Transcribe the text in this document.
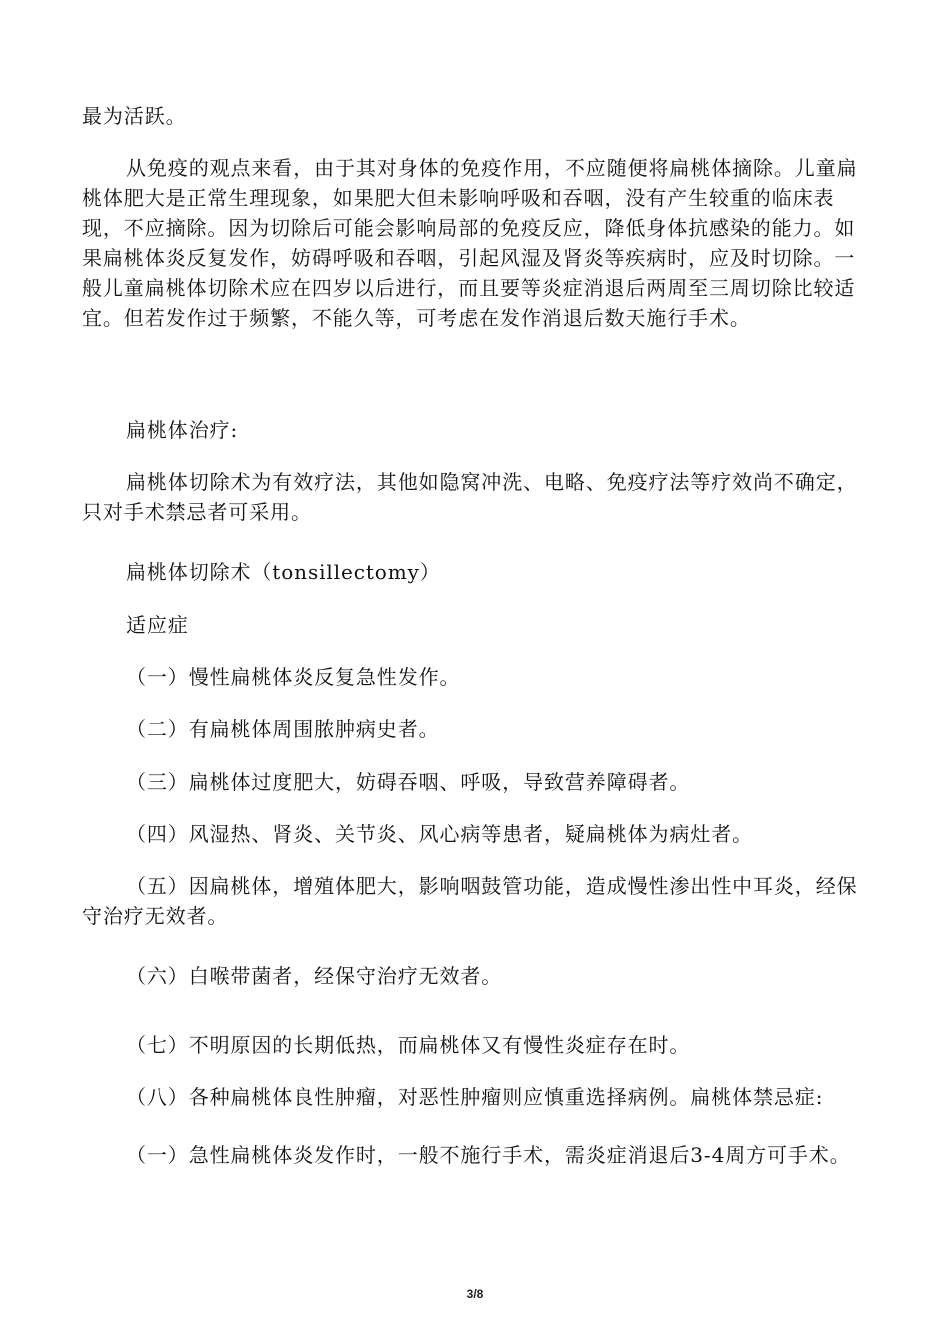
最为活跃。

从免疫的观点来看，由于其对身体的免疫作用，不应随便将扁桃体摘除。儿童扁桃体肥大是正常生理现象，如果肥大但未影响呼吸和吞咽，没有产生较重的临床表现，不应摘除。因为切除后可能会影响局部的免疫反应，降低身体抗感染的能力。如果扁桃体炎反复发作，妨碍呼吸和吞咽，引起风湿及肾炎等疾病时，应及时切除。一般儿童扁桃体切除术应在四岁以后进行，而且要等炎症消退后两周至三周切除比较适宜。但若发作过于频繁，不能久等，可考虑在发作消退后数天施行手术。

扁桃体治疗:

扁桃体切除术为有效疗法，其他如隐窝冲洗、电略、免疫疗法等疗效尚不确定，只对手术禁忌者可采用。

扁桃体切除术（tonsillectomy）

适应症

（一）慢性扁桃体炎反复急性发作。

（二）有扁桃体周围脓肿病史者。

（三）扁桃体过度肥大，妨碍吞咽、呼吸，导致营养障碍者。

（四）风湿热、肾炎、关节炎、风心病等患者，疑扁桃体为病灶者。

（五）因扁桃体，增殖体肥大，影响咽鼓管功能，造成慢性渗出性中耳炎，经保守治疗无效者。

（六）白喉带菌者，经保守治疗无效者。

（七）不明原因的长期低热，而扁桃体又有慢性炎症存在时。

（八）各种扁桃体良性肿瘤，对恶性肿瘤则应慎重选择病例。扁桃体禁忌症:

（一）急性扁桃体炎发作时，一般不施行手术，需炎症消退后3-4周方可手术。

3/8
